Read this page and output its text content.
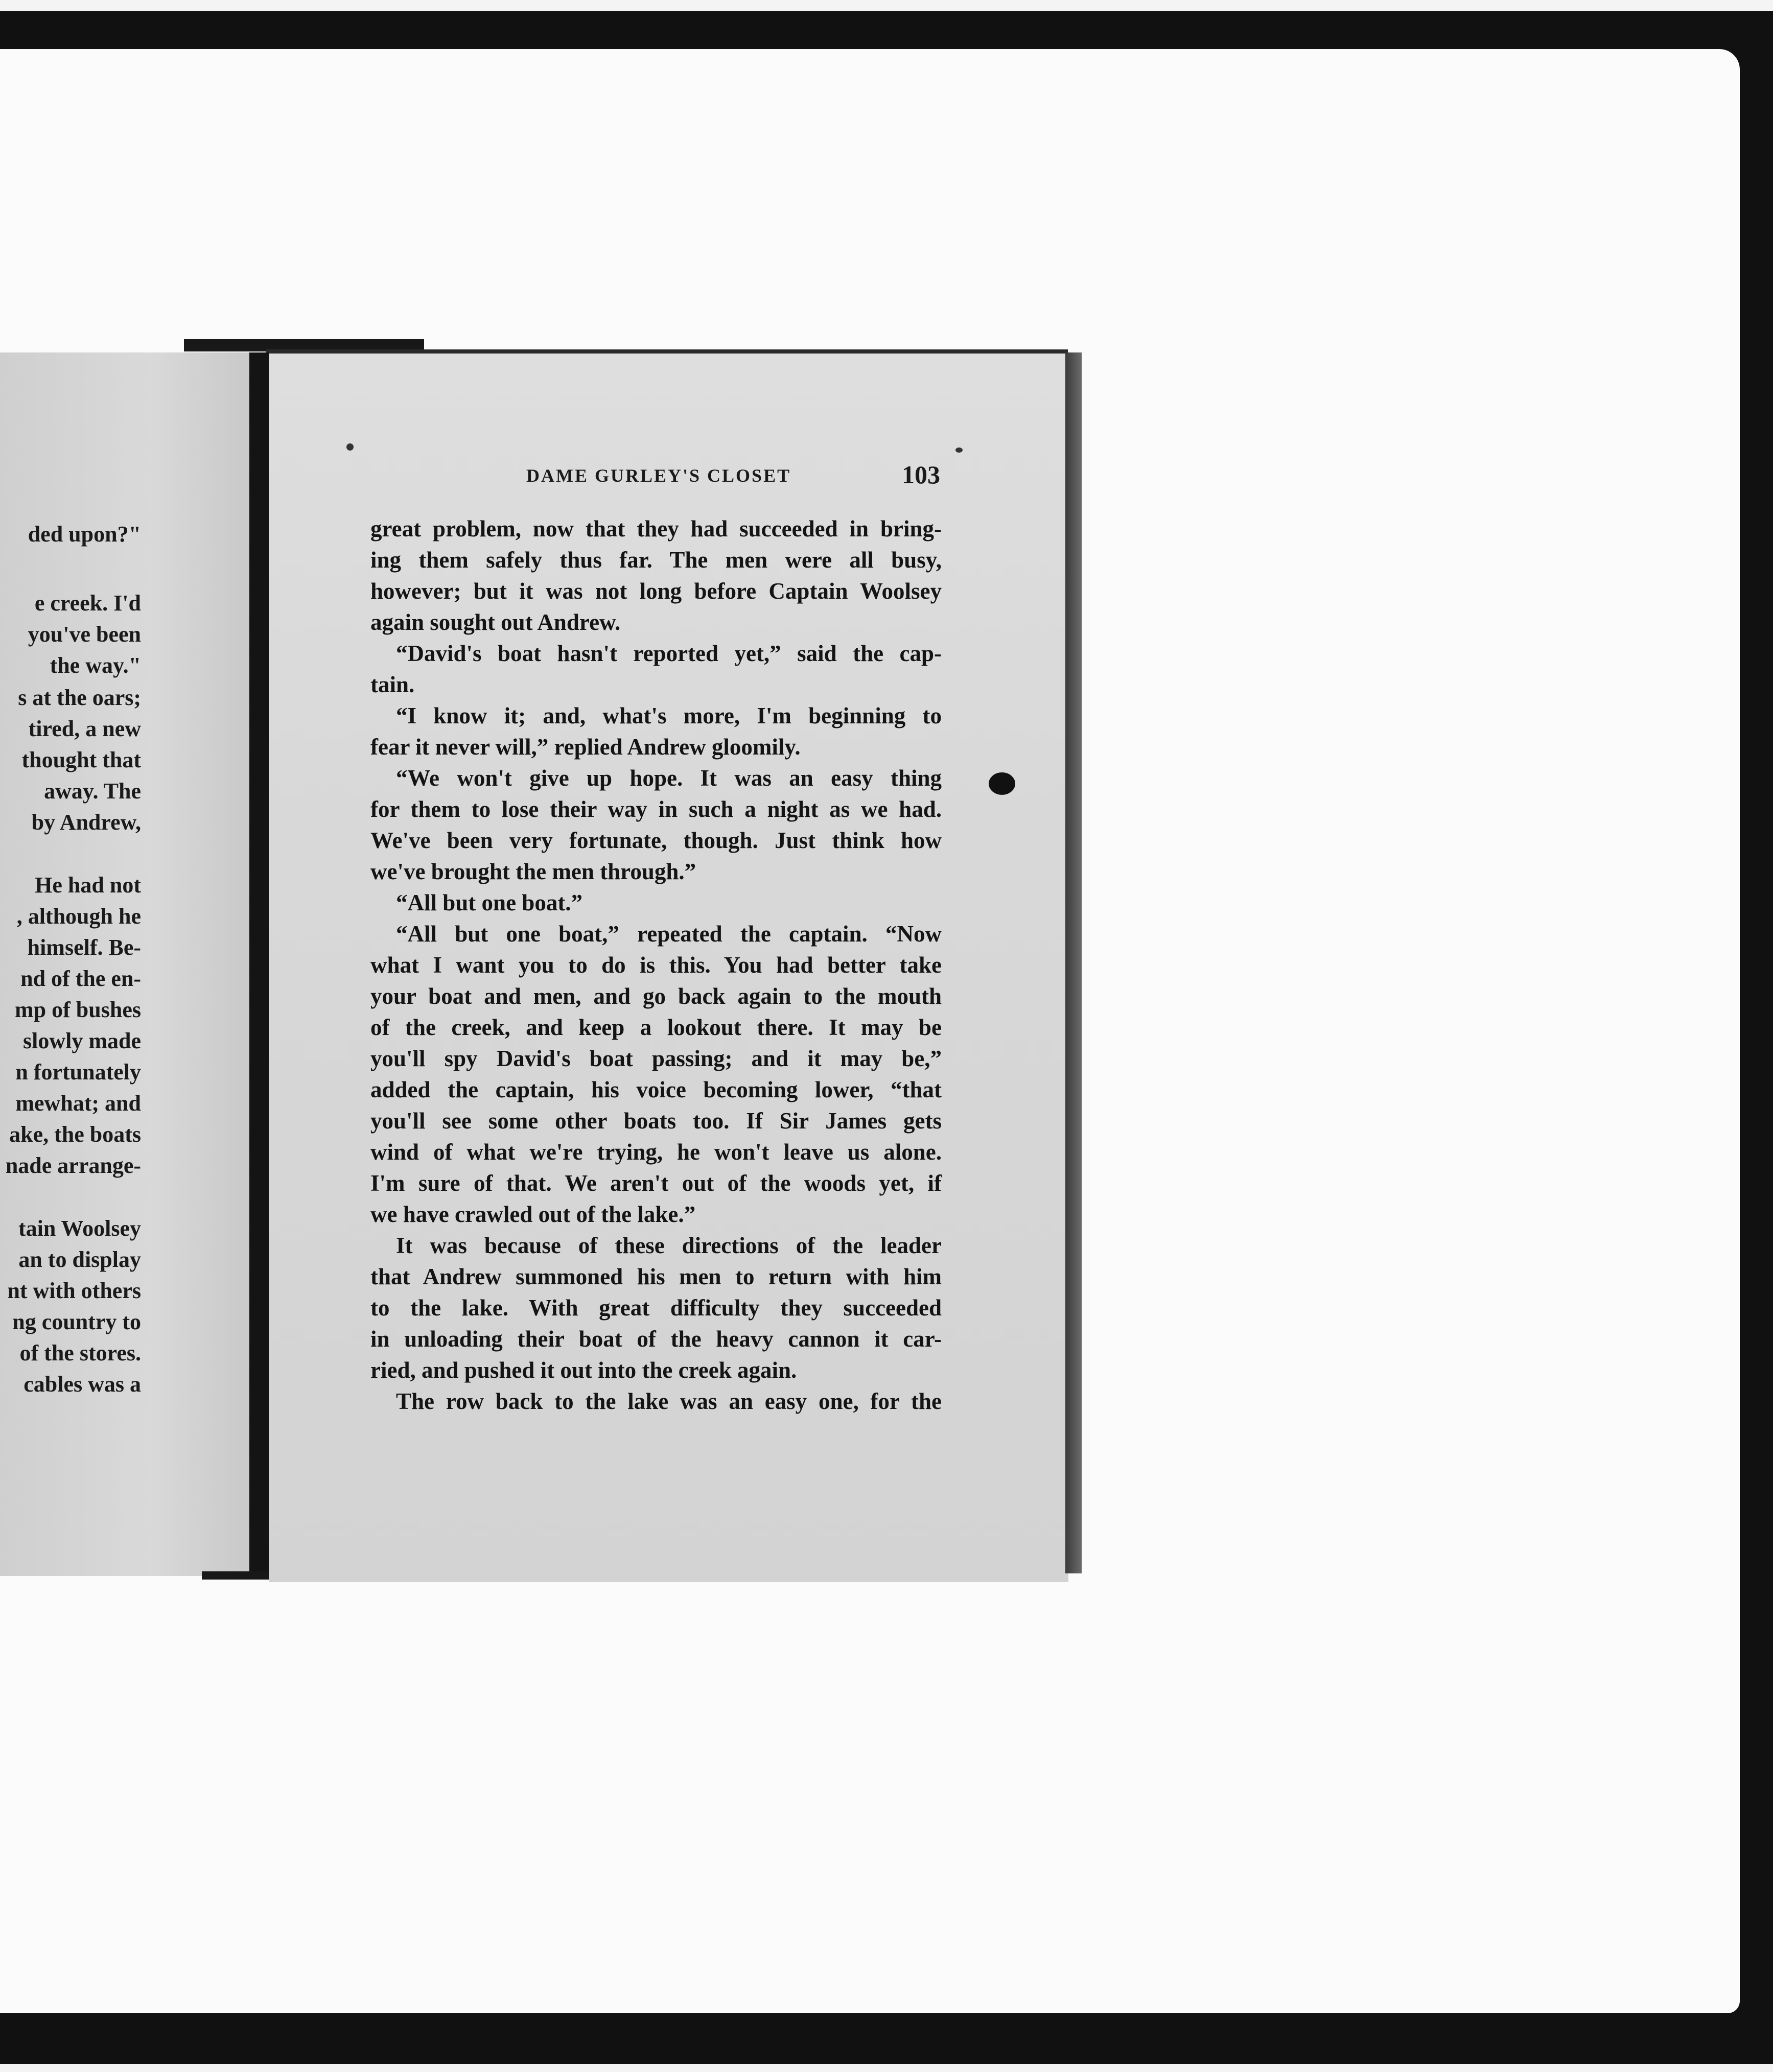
ded upon?"
e creek. I'd
you've been
the way."
s at the oars;
tired, a new
thought that
away. The
by Andrew,
He had not
, although he
himself. Be-
nd of the en-
mp of bushes
slowly made
n fortunately
mewhat; and
ake, the boats
nade arrange-
tain Woolsey
an to display
nt with others
ng country to
of the stores.
cables was a
DAME GURLEY'S CLOSET	103
great problem, now that they had succeeded in bring-
ing them safely thus far. The men were all busy,
however; but it was not long before Captain Woolsey
again sought out Andrew.
“David's boat hasn't reported yet,” said the cap-
tain.
“I know it; and, what's more, I'm beginning to
fear it never will,” replied Andrew gloomily.
“We won't give up hope. It was an easy thing
for them to lose their way in such a night as we had.
We've been very fortunate, though. Just think how
we've brought the men through.”
“All but one boat.”
“All but one boat,” repeated the captain. “Now
what I want you to do is this. You had better take
your boat and men, and go back again to the mouth
of the creek, and keep a lookout there. It may be
you'll spy David's boat passing; and it may be,”
added the captain, his voice becoming lower, “that
you'll see some other boats too. If Sir James gets
wind of what we're trying, he won't leave us alone.
I'm sure of that. We aren't out of the woods yet, if
we have crawled out of the lake.”
It was because of these directions of the leader
that Andrew summoned his men to return with him
to the lake. With great difficulty they succeeded
in unloading their boat of the heavy cannon it car-
ried, and pushed it out into the creek again.
The row back to the lake was an easy one, for the
